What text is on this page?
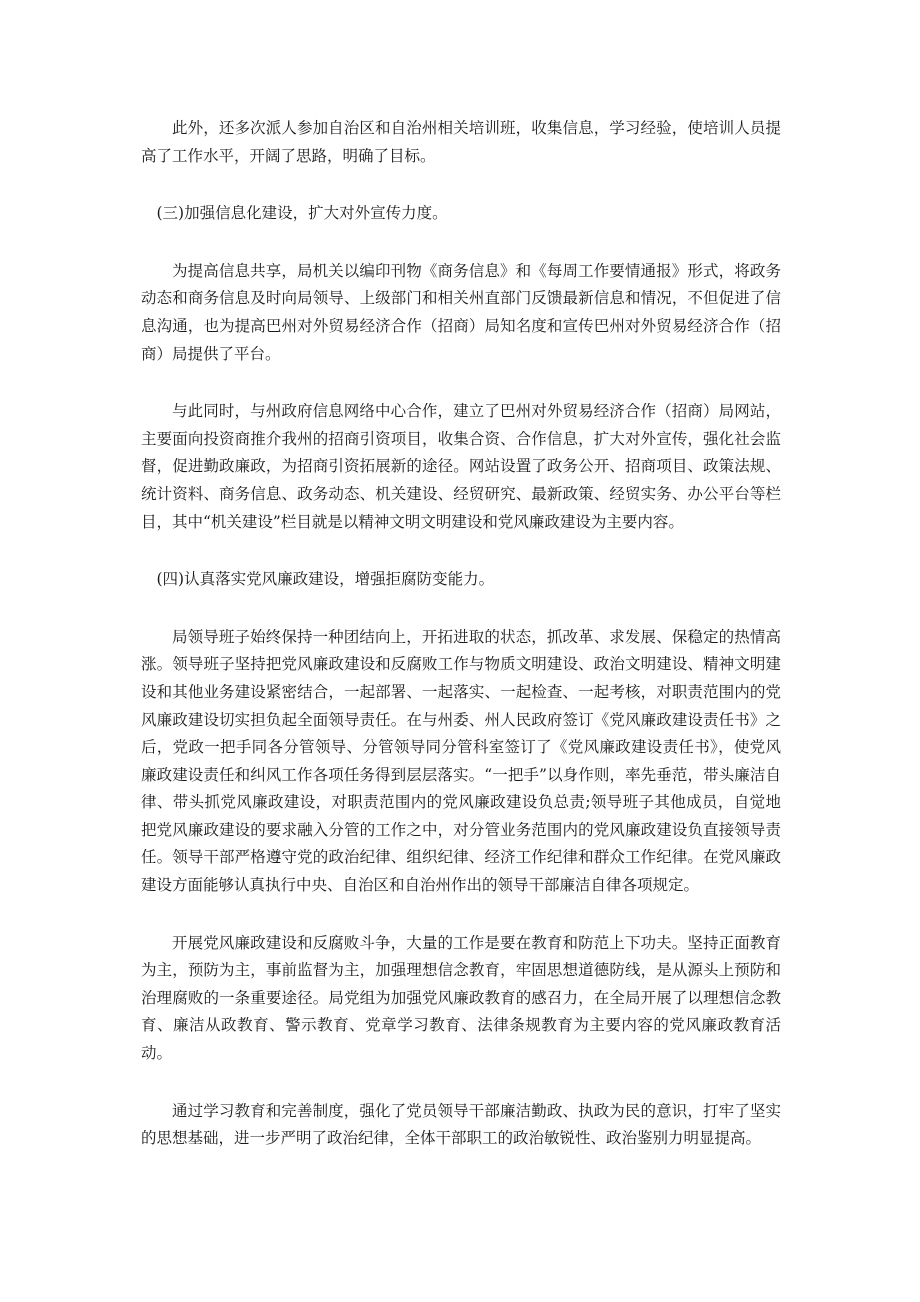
此外，还多次派人参加自治区和自治州相关培训班，收集信息，学习经验，使培训人员提高了工作水平，开阔了思路，明确了目标。

(三)加强信息化建设，扩大对外宣传力度。

为提高信息共享，局机关以编印刊物《商务信息》和《每周工作要情通报》形式，将政务动态和商务信息及时向局领导、上级部门和相关州直部门反馈最新信息和情况，不但促进了信息沟通，也为提高巴州对外贸易经济合作（招商）局知名度和宣传巴州对外贸易经济合作（招商）局提供了平台。

与此同时，与州政府信息网络中心合作，建立了巴州对外贸易经济合作（招商）局网站，主要面向投资商推介我州的招商引资项目，收集合资、合作信息，扩大对外宣传，强化社会监督，促进勤政廉政，为招商引资拓展新的途径。网站设置了政务公开、招商项目、政策法规、统计资料、商务信息、政务动态、机关建设、经贸研究、最新政策、经贸实务、办公平台等栏目，其中“机关建设”栏目就是以精神文明文明建设和党风廉政建设为主要内容。

(四)认真落实党风廉政建设，增强拒腐防变能力。

局领导班子始终保持一种团结向上，开拓进取的状态，抓改革、求发展、保稳定的热情高涨。领导班子坚持把党风廉政建设和反腐败工作与物质文明建设、政治文明建设、精神文明建设和其他业务建设紧密结合，一起部署、一起落实、一起检查、一起考核，对职责范围内的党风廉政建设切实担负起全面领导责任。在与州委、州人民政府签订《党风廉政建设责任书》之后，党政一把手同各分管领导、分管领导同分管科室签订了《党风廉政建设责任书》，使党风廉政建设责任和纠风工作各项任务得到层层落实。“一把手”以身作则，率先垂范，带头廉洁自律、带头抓党风廉政建设，对职责范围内的党风廉政建设负总责;领导班子其他成员，自觉地把党风廉政建设的要求融入分管的工作之中，对分管业务范围内的党风廉政建设负直接领导责任。领导干部严格遵守党的政治纪律、组织纪律、经济工作纪律和群众工作纪律。在党风廉政建设方面能够认真执行中央、自治区和自治州作出的领导干部廉洁自律各项规定。

开展党风廉政建设和反腐败斗争，大量的工作是要在教育和防范上下功夫。坚持正面教育为主，预防为主，事前监督为主，加强理想信念教育，牢固思想道德防线，是从源头上预防和治理腐败的一条重要途径。局党组为加强党风廉政教育的感召力，在全局开展了以理想信念教育、廉洁从政教育、警示教育、党章学习教育、法律条规教育为主要内容的党风廉政教育活动。

通过学习教育和完善制度，强化了党员领导干部廉洁勤政、执政为民的意识，打牢了坚实的思想基础，进一步严明了政治纪律，全体干部职工的政治敏锐性、政治鉴别力明显提高。
